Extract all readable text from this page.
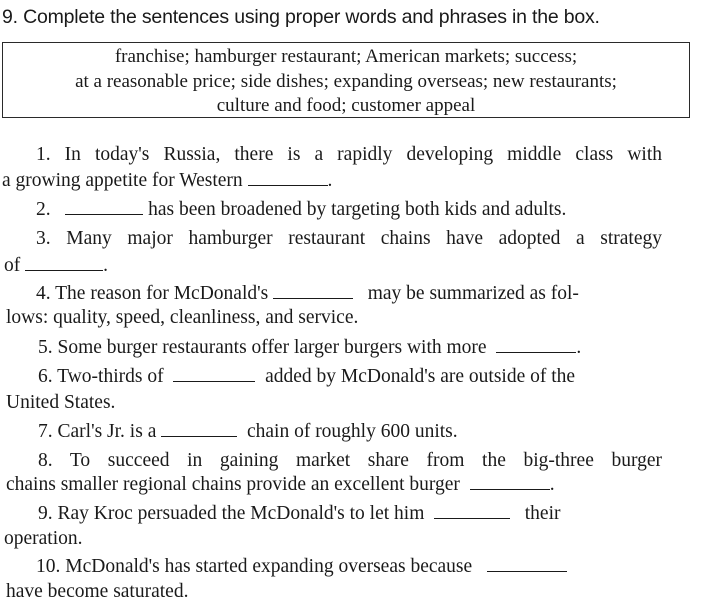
9. Complete the sentences using proper words and phrases in the box.
franchise; hamburger restaurant; American markets; success;
at a reasonable price; side dishes; expanding overseas; new restaurants;
culture and food; customer appeal
1. In today's Russia, there is a rapidly developing middle class with
a growing appetite for Western	.
2.	has been broadened by targeting both kids and adults.
3. Many major hamburger restaurant chains have adopted a strategy
of	.
4. The reason for McDonald's	may be summarized as fol-
lows: quality, speed, cleanliness, and service.
5. Some burger restaurants offer larger burgers with more	.
6. Two-thirds of	added by McDonald's are outside of the
United States.
7. Carl's Jr. is a	chain of roughly 600 units.
8. To succeed in gaining market share from the big-three burger
chains smaller regional chains provide an excellent burger	.
9. Ray Kroc persuaded the McDonald's to let him	their
operation.
10. McDonald's has started expanding overseas because
have become saturated.
